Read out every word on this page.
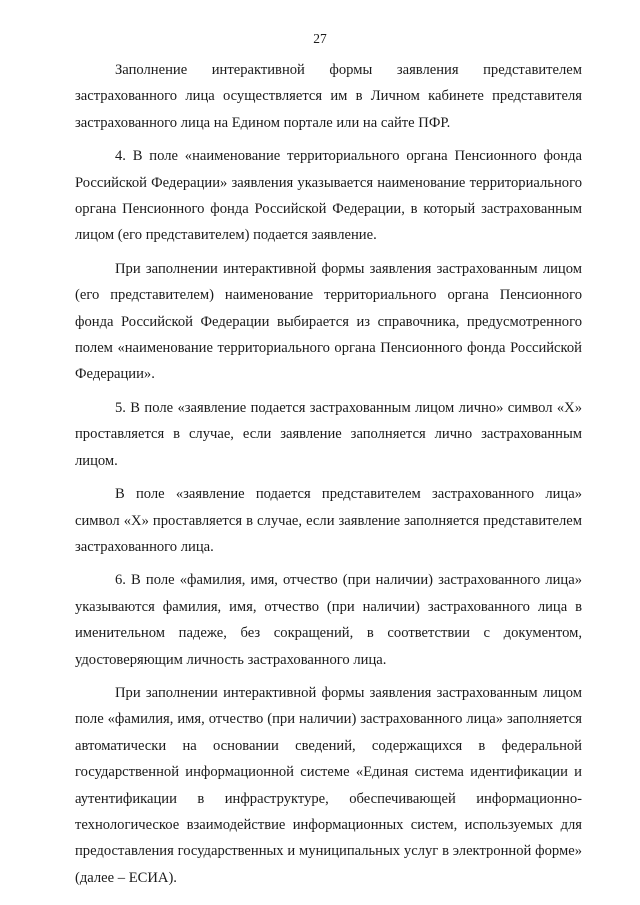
27

Заполнение интерактивной формы заявления представителем застрахованного лица осуществляется им в Личном кабинете представителя застрахованного лица на Едином портале или на сайте ПФР.

4. В поле «наименование территориального органа Пенсионного фонда Российской Федерации» заявления указывается наименование территориального органа Пенсионного фонда Российской Федерации, в который застрахованным лицом (его представителем) подается заявление.

При заполнении интерактивной формы заявления застрахованным лицом (его представителем) наименование территориального органа Пенсионного фонда Российской Федерации выбирается из справочника, предусмотренного полем «наименование территориального органа Пенсионного фонда Российской Федерации».

5. В поле «заявление подается застрахованным лицом лично» символ «X» проставляется в случае, если заявление заполняется лично застрахованным лицом.

В поле «заявление подается представителем застрахованного лица» символ «X» проставляется в случае, если заявление заполняется представителем застрахованного лица.

6. В поле «фамилия, имя, отчество (при наличии) застрахованного лица» указываются фамилия, имя, отчество (при наличии) застрахованного лица в именительном падеже, без сокращений, в соответствии с документом, удостоверяющим личность застрахованного лица.

При заполнении интерактивной формы заявления застрахованным лицом поле «фамилия, имя, отчество (при наличии) застрахованного лица» заполняется автоматически на основании сведений, содержащихся в федеральной государственной информационной системе «Единая система идентификации и аутентификации в инфраструктуре, обеспечивающей информационно-технологическое взаимодействие информационных систем, используемых для предоставления государственных и муниципальных услуг в электронной форме» (далее – ЕСИА).
